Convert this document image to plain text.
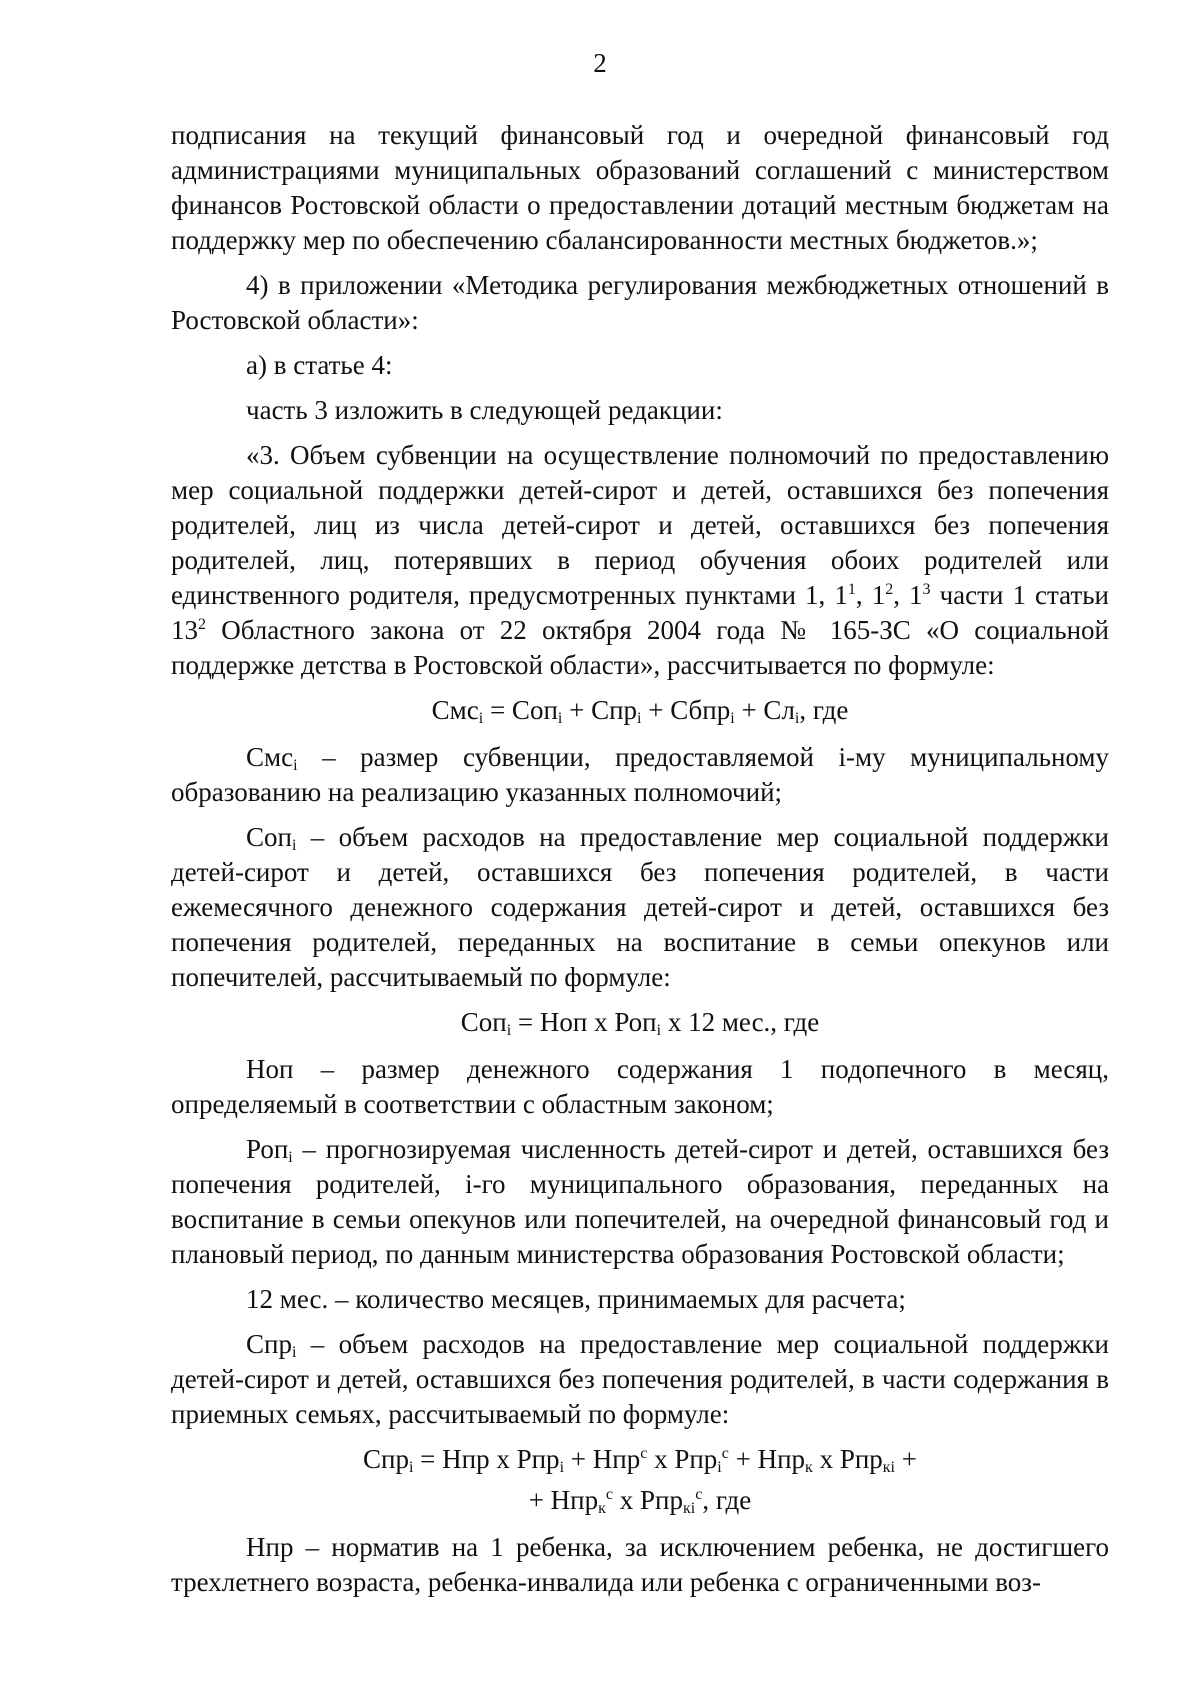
2

подписания на текущий финансовый год и очередной финансовый год администрациями муниципальных образований соглашений с министерством финансов Ростовской области о предоставлении дотаций местным бюджетам на поддержку мер по обеспечению сбалансированности местных бюджетов.»;

4) в приложении «Методика регулирования межбюджетных отношений в Ростовской области»:

а) в статье 4:

часть 3 изложить в следующей редакции:

«3. Объем субвенции на осуществление полномочий по предоставлению мер социальной поддержки детей-сирот и детей, оставшихся без попечения родителей, лиц из числа детей-сирот и детей, оставшихся без попечения родителей, лиц, потерявших в период обучения обоих родителей или единственного родителя, предусмотренных пунктами 1, $1^1$, $1^2$, $1^3$ части 1 статьи $13^2$ Областного закона от 22 октября 2004 года № 165-ЗС «О социальной поддержке детства в Ростовской области», рассчитывается по формуле:

Смс$_i$ = Соп$_i$ + Спр$_i$ + Сбпр$_i$ + $Сл_i$, где

Смс$_i$ – размер субвенции, предоставляемой i-му муниципальному образованию на реализацию указанных полномочий;

Соп$_i$ – объем расходов на предоставление мер социальной поддержки детей-сирот и детей, оставшихся без попечения родителей, в части ежемесячного денежного содержания детей-сирот и детей, оставшихся без попечения родителей, переданных на воспитание в семьи опекунов или попечителей, рассчитываемый по формуле:

Соп$_i$ = Ноп х Роп$_i$ х 12 мес., где

Ноп – размер денежного содержания 1 подопечного в месяц, определяемый в соответствии с областным законом;

Роп$_i$ – прогнозируемая численность детей-сирот и детей, оставшихся без попечения родителей, i-го муниципального образования, переданных на воспитание в семьи опекунов или попечителей, на очередной финансовый год и плановый период, по данным министерства образования Ростовской области;

12 мес. – количество месяцев, принимаемых для расчета;

Спр$_i$ – объем расходов на предоставление мер социальной поддержки детей-сирот и детей, оставшихся без попечения родителей, в части содержания в приемных семьях, рассчитываемый по формуле:

Спр$_i$ = Нпр х Рпр$_i$ + Нпр$^с$ х Рпр$_i^с$ + Нпр$_к$ х Рпр$_{кi}$ +

+ Нпр$_к^с$ х Рпр$_{кi}^с$, где

Нпр – норматив на 1 ребенка, за исключением ребенка, не достигшего трехлетнего возраста, ребенка-инвалида или ребенка с ограниченными воз-
